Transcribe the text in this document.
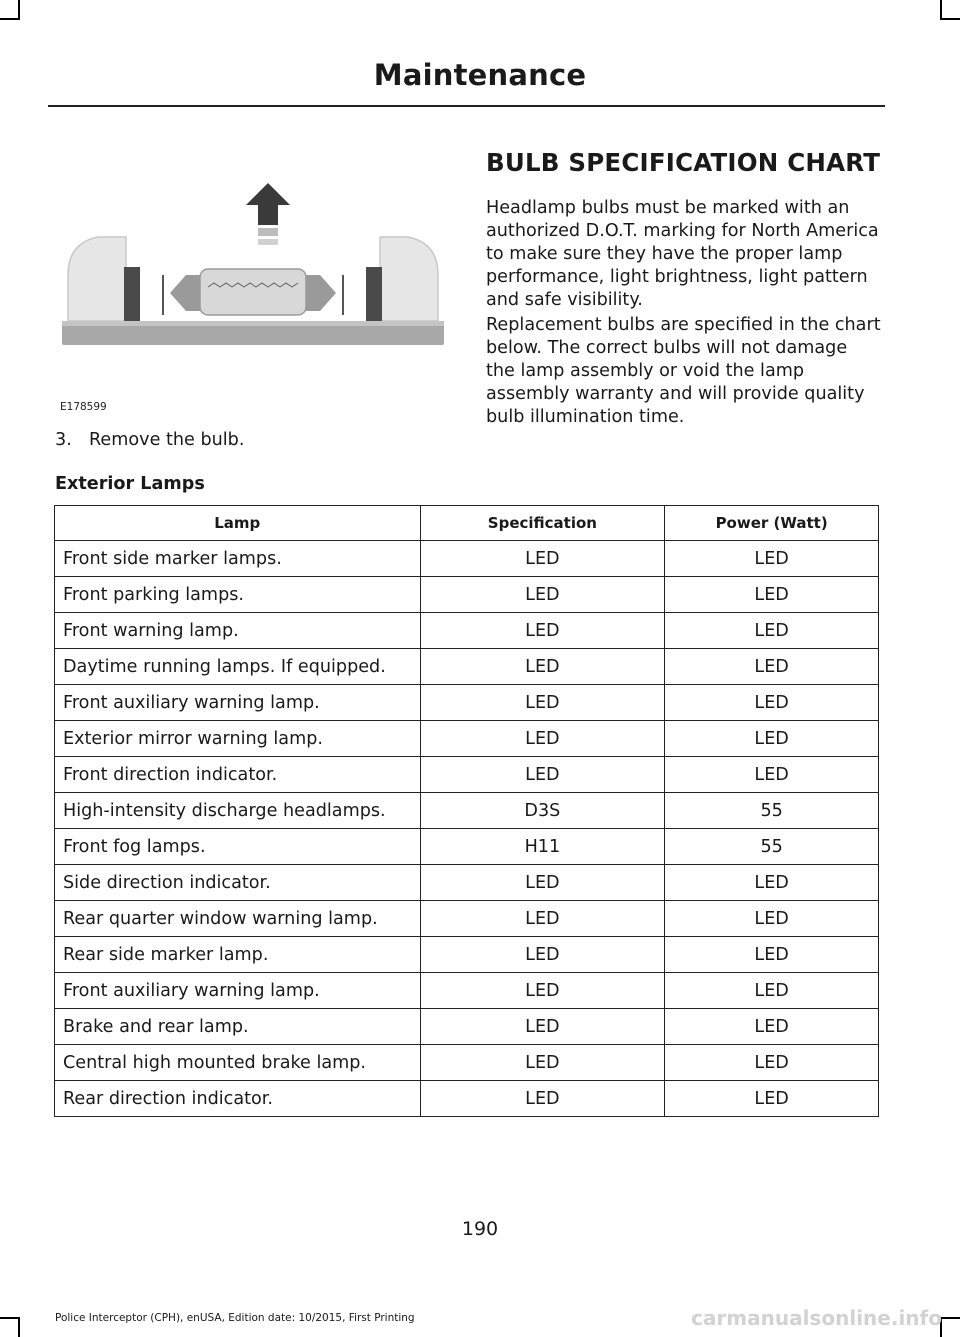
Maintenance
E178599
BULB SPECIFICATION CHART

Headlamp bulbs must be marked with an authorized D.O.T. marking for North America to make sure they have the proper lamp performance, light brightness, light pattern and safe visibility.

Replacement bulbs are specified in the chart below. The correct bulbs will not damage the lamp assembly or void the lamp assembly warranty and will provide quality bulb illumination time.

3. Remove the bulb.
Exterior Lamps
Lamp	Specification	Power (Watt)
Front side marker lamps.	LED	LED
Front parking lamps.	LED	LED
Front warning lamp.	LED	LED
Daytime running lamps. If equipped.	LED	LED
Front auxiliary warning lamp.	LED	LED
Exterior mirror warning lamp.	LED	LED
Front direction indicator.	LED	LED
High-intensity discharge headlamps.	D3S	55
Front fog lamps.	H11	55
Side direction indicator.	LED	LED
Rear quarter window warning lamp.	LED	LED
Rear side marker lamp.	LED	LED
Front auxiliary warning lamp.	LED	LED
Brake and rear lamp.	LED	LED
Central high mounted brake lamp.	LED	LED
Rear direction indicator.	LED	LED
190
Police Interceptor (CPH), enUSA, Edition date: 10/2015, First Printing	carmanualsonline.info
